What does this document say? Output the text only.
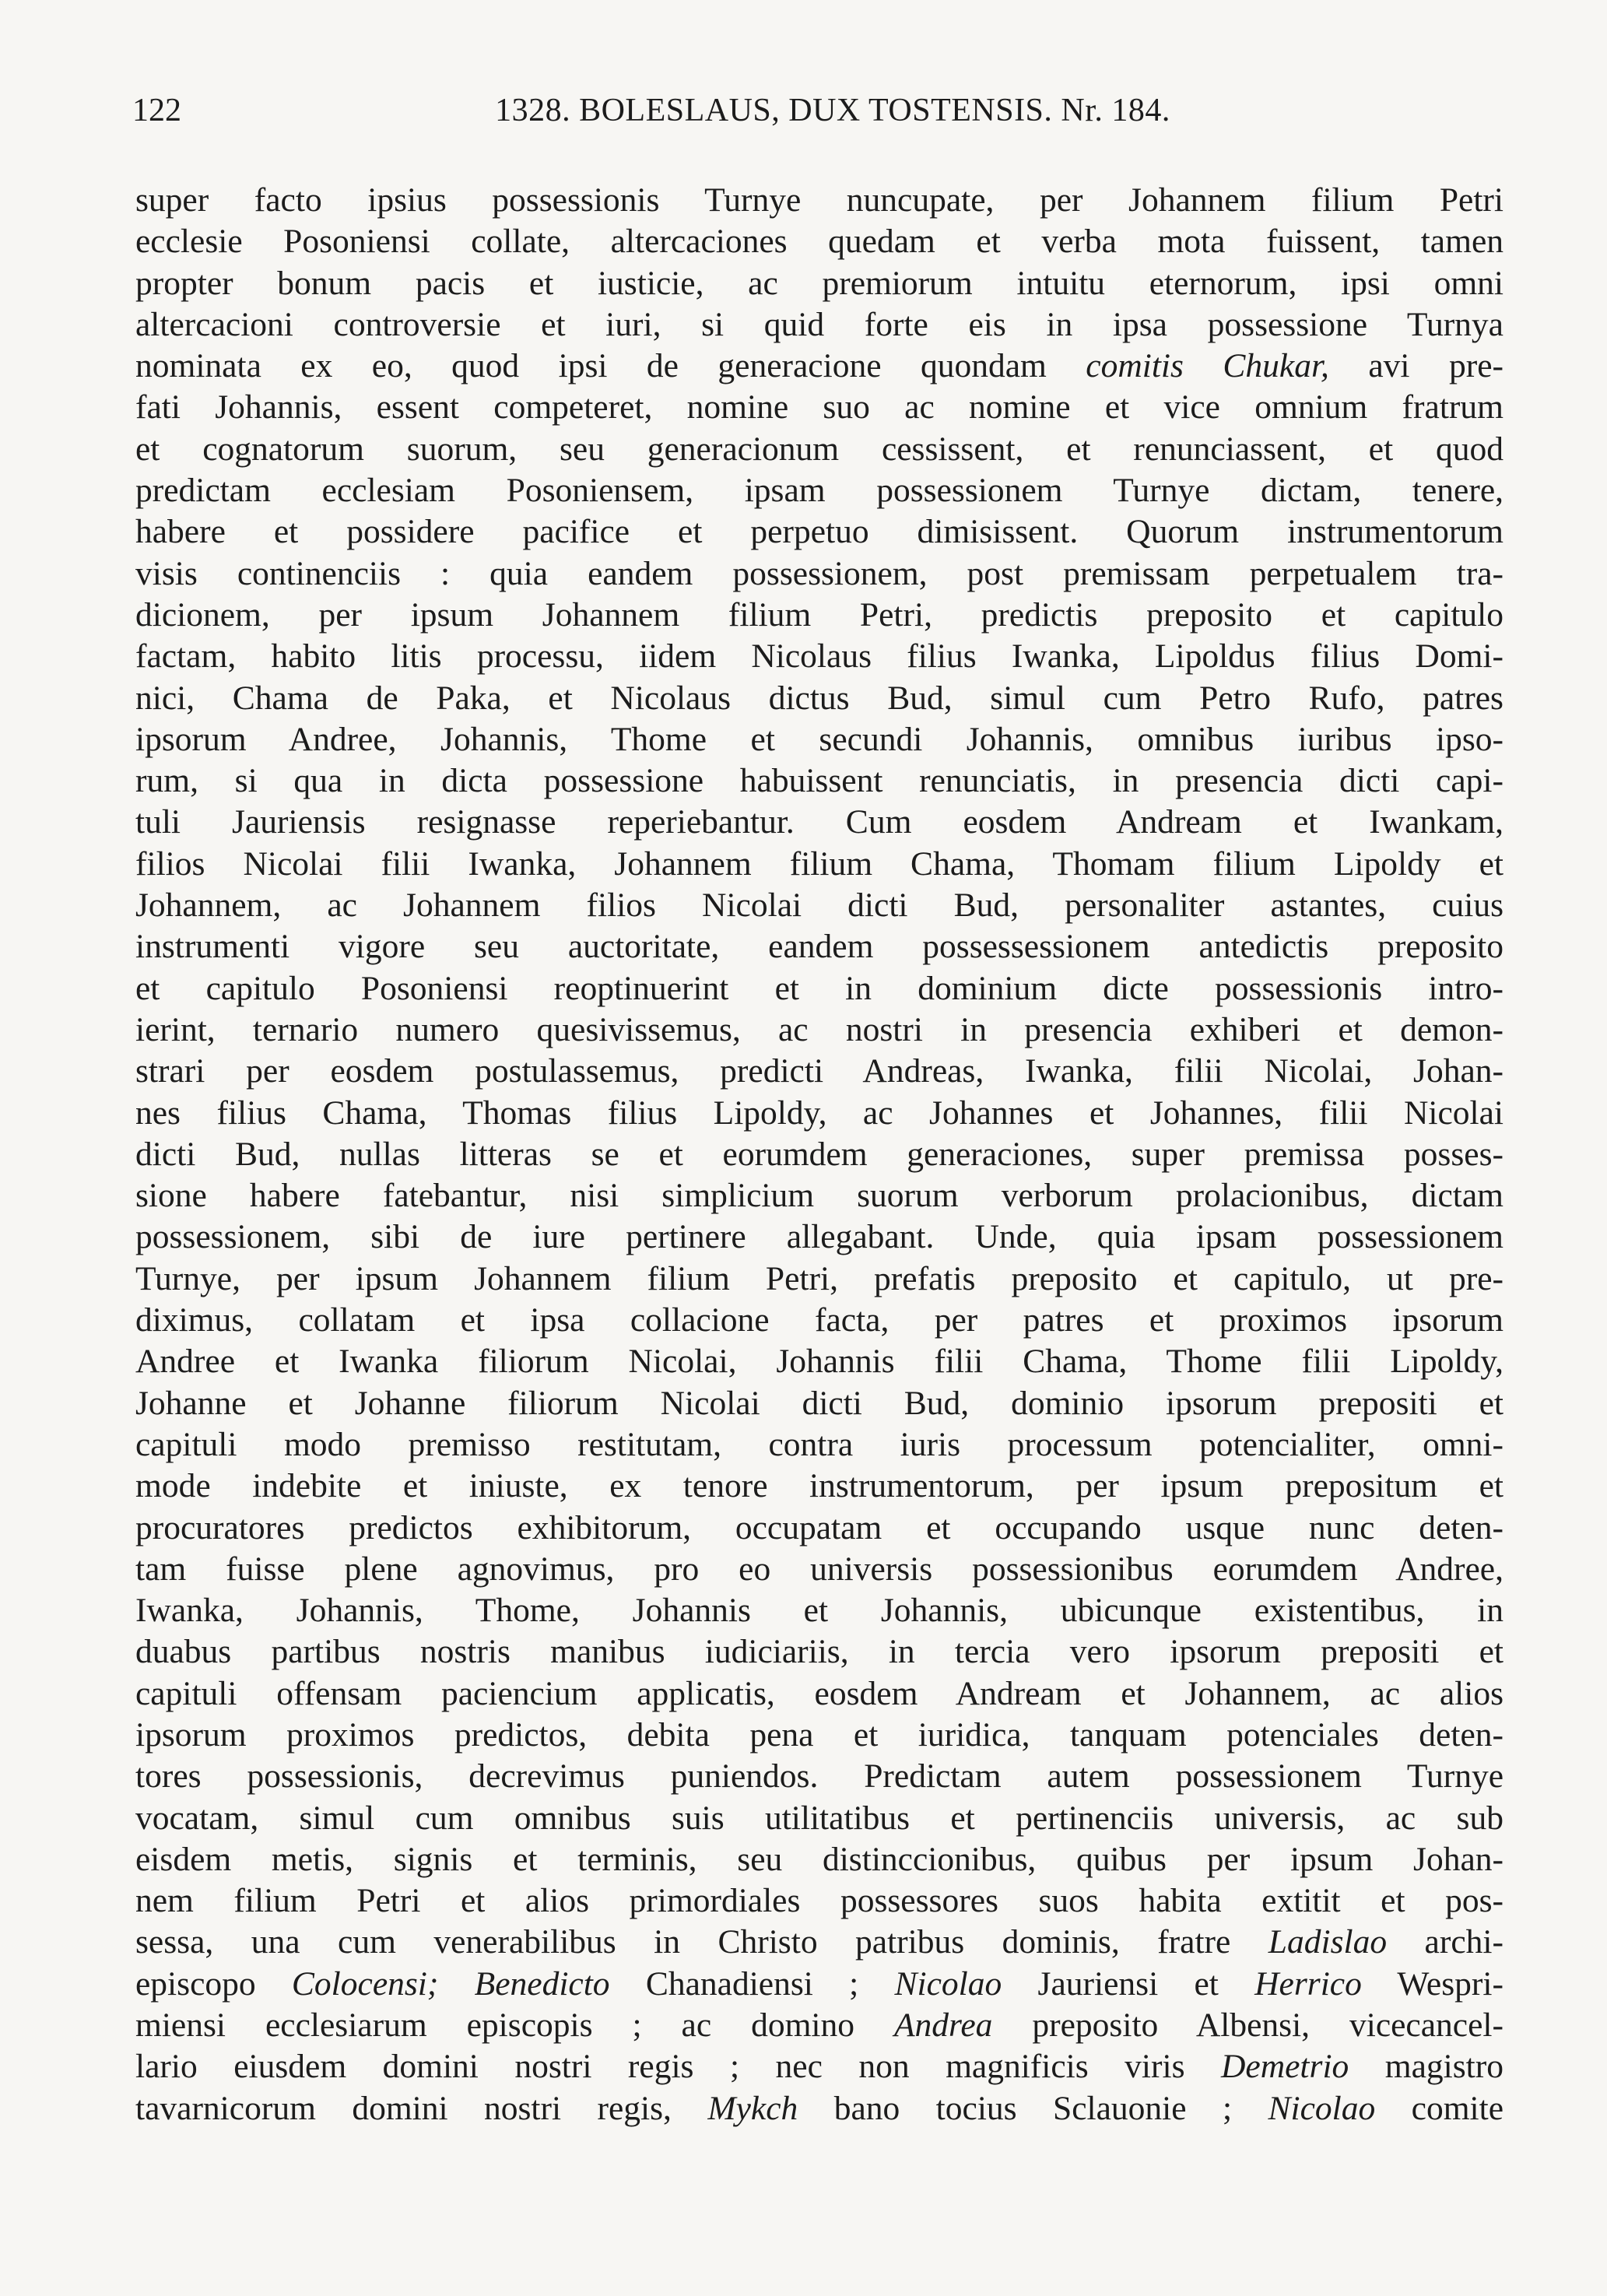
122	1328. BOLESLAUS, DUX TOSTENSIS. Nr. 184.
super facto ipsius possessionis Turnye nuncupate, per Johannem filium Petri
ecclesie Posoniensi collate, altercaciones quedam et verba mota fuissent, tamen
propter bonum pacis et iusticie, ac premiorum intuitu eternorum, ipsi omni
altercacioni controversie et iuri, si quid forte eis in ipsa possessione Turnya
nominata ex eo, quod ipsi de generacione quondam comitis Chukar, avi pre-
fati Johannis, essent competeret, nomine suo ac nomine et vice omnium fratrum
et cognatorum suorum, seu generacionum cessissent, et renunciassent, et quod
predictam ecclesiam Posoniensem, ipsam possessionem Turnye dictam, tenere,
habere et possidere pacifice et perpetuo dimisissent. Quorum instrumentorum
visis continenciis : quia eandem possessionem, post premissam perpetualem tra-
dicionem, per ipsum Johannem filium Petri, predictis preposito et capitulo
factam, habito litis processu, iidem Nicolaus filius Iwanka, Lipoldus filius Domi-
nici, Chama de Paka, et Nicolaus dictus Bud, simul cum Petro Rufo, patres
ipsorum Andree, Johannis, Thome et secundi Johannis, omnibus iuribus ipso-
rum, si qua in dicta possessione habuissent renunciatis, in presencia dicti capi-
tuli Jauriensis resignasse reperiebantur. Cum eosdem Andream et Iwankam,
filios Nicolai filii Iwanka, Johannem filium Chama, Thomam filium Lipoldy et
Johannem, ac Johannem filios Nicolai dicti Bud, personaliter astantes, cuius
instrumenti vigore seu auctoritate, eandem possessessionem antedictis preposito
et capitulo Posoniensi reoptinuerint et in dominium dicte possessionis intro-
ierint, ternario numero quesivissemus, ac nostri in presencia exhiberi et demon-
strari per eosdem postulassemus, predicti Andreas, Iwanka, filii Nicolai, Johan-
nes filius Chama, Thomas filius Lipoldy, ac Johannes et Johannes, filii Nicolai
dicti Bud, nullas litteras se et eorumdem generaciones, super premissa posses-
sione habere fatebantur, nisi simplicium suorum verborum prolacionibus, dictam
possessionem, sibi de iure pertinere allegabant. Unde, quia ipsam possessionem
Turnye, per ipsum Johannem filium Petri, prefatis preposito et capitulo, ut pre-
diximus, collatam et ipsa collacione facta, per patres et proximos ipsorum
Andree et Iwanka filiorum Nicolai, Johannis filii Chama, Thome filii Lipoldy,
Johanne et Johanne filiorum Nicolai dicti Bud, dominio ipsorum prepositi et
capituli modo premisso restitutam, contra iuris processum potencialiter, omni-
mode indebite et iniuste, ex tenore instrumentorum, per ipsum prepositum et
procuratores predictos exhibitorum, occupatam et occupando usque nunc deten-
tam fuisse plene agnovimus, pro eo universis possessionibus eorumdem Andree,
Iwanka, Johannis, Thome, Johannis et Johannis, ubicunque existentibus, in
duabus partibus nostris manibus iudiciariis, in tercia vero ipsorum prepositi et
capituli offensam paciencium applicatis, eosdem Andream et Johannem, ac alios
ipsorum proximos predictos, debita pena et iuridica, tanquam potenciales deten-
tores possessionis, decrevimus puniendos. Predictam autem possessionem Turnye
vocatam, simul cum omnibus suis utilitatibus et pertinenciis universis, ac sub
eisdem metis, signis et terminis, seu distinccionibus, quibus per ipsum Johan-
nem filium Petri et alios primordiales possessores suos habita extitit et pos-
sessa, una cum venerabilibus in Christo patribus dominis, fratre Ladislao archi-
episcopo Colocensi; Benedicto Chanadiensi ; Nicolao Jauriensi et Herrico Wespri-
miensi ecclesiarum episcopis ; ac domino Andrea preposito Albensi, vicecancel-
lario eiusdem domini nostri regis ; nec non magnificis viris Demetrio magistro
tavarnicorum domini nostri regis, Mykch bano tocius Sclauonie ; Nicolao comite
